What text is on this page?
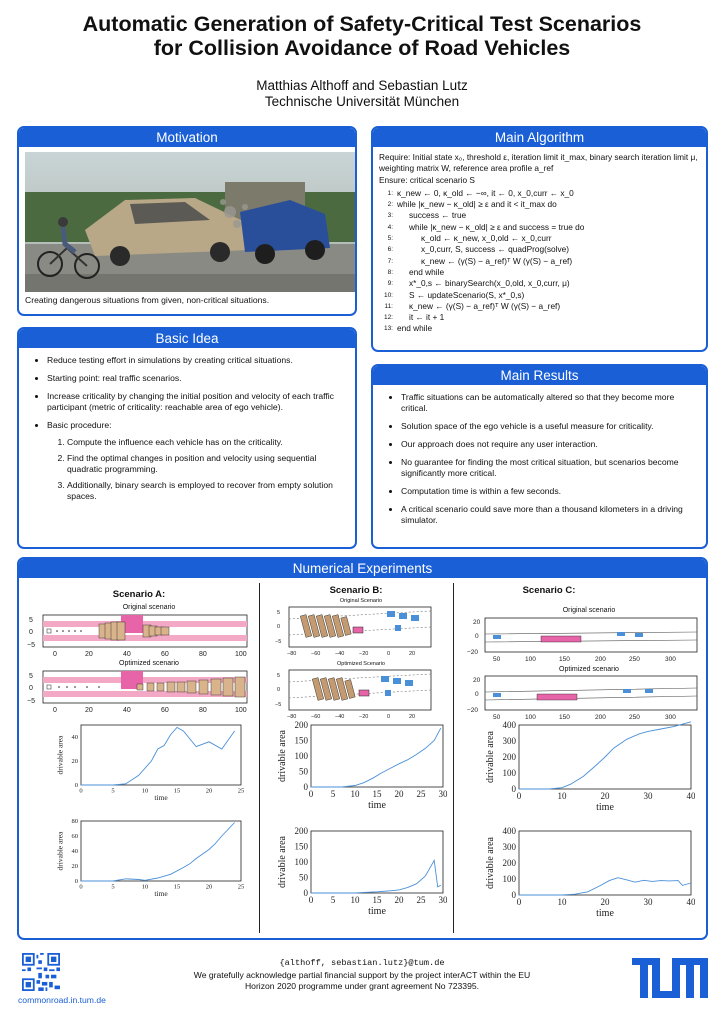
Automatic Generation of Safety-Critical Test Scenarios
for Collision Avoidance of Road Vehicles
Matthias Althoff and Sebastian Lutz
Technische Universität München
Motivation
Creating dangerous situations from given, non-critical situations.
Main Algorithm
Require: Initial state x₀, threshold ε, iteration limit it_max, binary search iteration limit μ, weighting matrix W, reference area profile a_ref
Ensure: critical scenario S
1: κ_new ← 0, κ_old ← −∞, it ← 0, x_0,curr ← x_0
2: while |κ_new − κ_old| ≥ ε and it < it_max do
3:	success ← true
4:	while |κ_new − κ_old| ≥ ε and success = true do
5:	κ_old ← κ_new, x_0,old ← x_0,curr
6:	x_0,curr, S, success ← quadProg(solve)
7:	κ_new ← (γ(S) − a_ref)ᵀ W (γ(S) − a_ref)
8:	end while
9:	x*_0,s ← binarySearch(x_0,old, x_0,curr, μ)
10:	S ← updateScenario(S, x*_0,s)
11:	κ_new ← (γ(S) − a_ref)ᵀ W (γ(S) − a_ref)
12:	it ← it + 1
13: end while
Basic Idea
• Reduce testing effort in simulations by creating critical situations.
• Starting point: real traffic scenarios.
• Increase criticality by changing the initial position and velocity of each traffic participant (metric of criticality: reachable area of ego vehicle).
• Basic procedure:
1. Compute the influence each vehicle has on the criticality.
2. Find the optimal changes in position and velocity using sequential quadratic programming.
3. Additionally, binary search is employed to recover from empty solution spaces.
Main Results
• Traffic situations can be automatically altered so that they become more critical.
• Solution space of the ego vehicle is a useful measure for criticality.
• Our approach does not require any user interaction.
• No guarantee for finding the most critical situation, but scenarios become significantly more critical.
• Computation time is within a few seconds.
• A critical scenario could save more than a thousand kilometers in a driving simulator.
Numerical Experiments
Scenario A:	Scenario B:	Scenario C:
Original scenario
5
0
−5
0	20	40	60	80	100
Optimized scenario
5
0
−5
0	20	40	60	80	100
Original Scenario
5
0
−5
−80	−60	−40	−20	0	20
Optimized Scenario
5
0
−5
−80	−60	−40	−20	0	20
Original scenario
20
0
−20
50	100	150	200	250	300
Optimized scenario
20
0
−20
50	100	150	200	250	300
0	5	10	15	20	25
0
20
40
time
drivable area
0	5	10	15	20	25
0
20
40
60
80
time
drivable area
0 5 10 15 20 25 30
0
50
100
150
200
time
drivable area
0 5 10 15 20 25 30
0
50
100
150
200
time
drivable area
0	10	20	30	40
0
100
200
300
400
time
drivable area
0	10	20	30	40
0
100
200
300
400
time
drivable area
commonroad.in.tum.de
{althoff, sebastian.lutz}@tum.de
We gratefully acknowledge partial financial support by the project interACT within the EU
Horizon 2020 programme under grant agreement No 723395.
